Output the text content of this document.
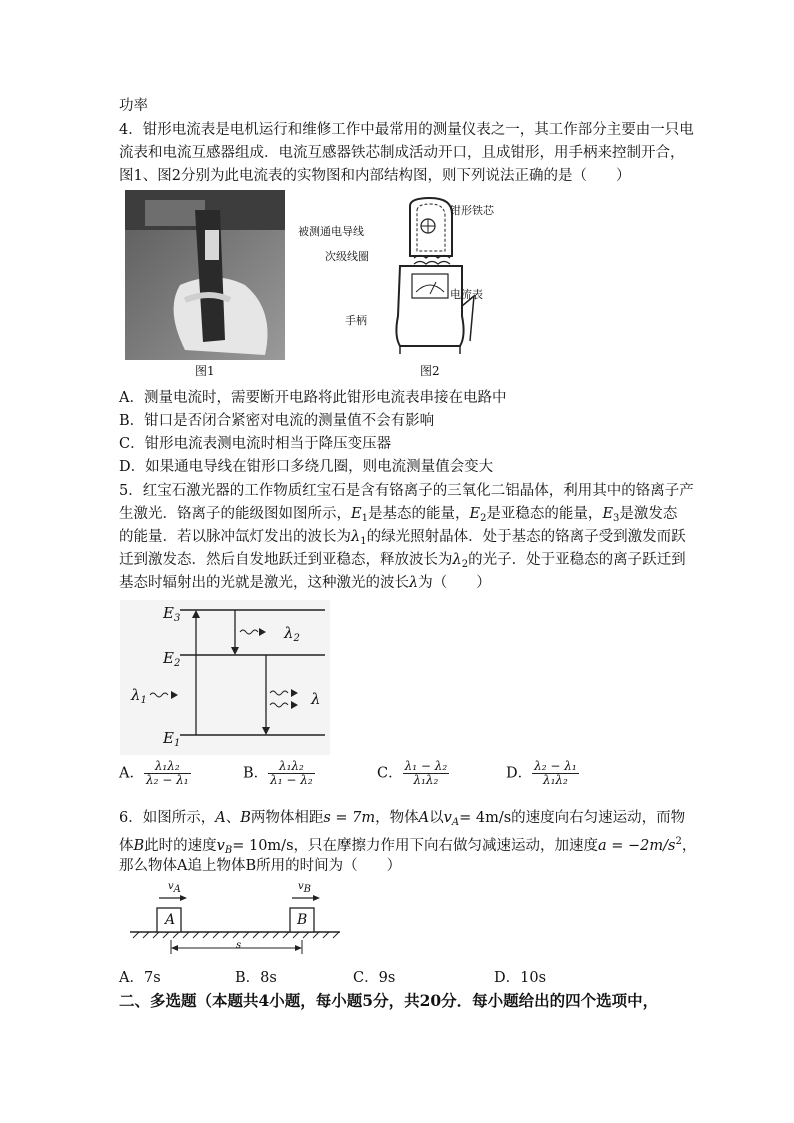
功率
4．钳形电流表是电机运行和维修工作中最常用的测量仪表之一，其工作部分主要由一只电
流表和电流互感器组成．电流互感器铁芯制成活动开口，且成钳形，用手柄来控制开合，
图1、图2分别为此电流表的实物图和内部结构图，则下列说法正确的是（　　）
图1
钳形铁芯
被测通电导线
次级线圈
电流表
手柄
图2
A．测量电流时，需要断开电路将此钳形电流表串接在电路中
B．钳口是否闭合紧密对电流的测量值不会有影响
C．钳形电流表测电流时相当于降压变压器
D．如果通电导线在钳形口多绕几圈，则电流测量值会变大
5．红宝石激光器的工作物质红宝石是含有铬离子的三氧化二铝晶体，利用其中的铬离子产
生激光．铬离子的能级图如图所示，$E_1$是基态的能量，$E_2$是亚稳态的能量，$E_3$是激发态
的能量．若以脉冲氙灯发出的波长为$\lambda_1$的绿光照射晶体．处于基态的铬离子受到激发而跃
迁到激发态．然后自发地跃迁到亚稳态，释放波长为$\lambda_2$的光子．处于亚稳态的离子跃迁到
基态时辐射出的光就是激光，这种激光的波长λ为（　　）
$E_3$
$E_2$
$E_1$
$\lambda_2$
$\lambda_1$	λ
A． $\frac{\text{λ₁λ₂}}{\text{λ₂ − λ₁}}$	B． $\frac{\text{λ₁λ₂}}{\text{λ₁ − λ₂}}$	C． $\frac{\text{λ₁ − λ₂}}{\text{λ₁λ₂}}$	D． $\frac{\text{λ₂ − λ₁}}{\text{λ₁λ₂}}$
6．如图所示，A、B两物体相距s = 7m，物体A以$v_A= 4m/s$的速度向右匀速运动，而物
体B此时的速度$v_B= 10m/s$，只在摩擦力作用下向右做匀减速运动，加速度$a = -2m/s^2$，
那么物体A追上物体B所用的时间为（　　）
A	B
vA	vB
s
A．7s	B．8s	C．9s	D．10s
二、多选题（本题共4小题，每小题5分，共20分．每小题给出的四个选项中，
